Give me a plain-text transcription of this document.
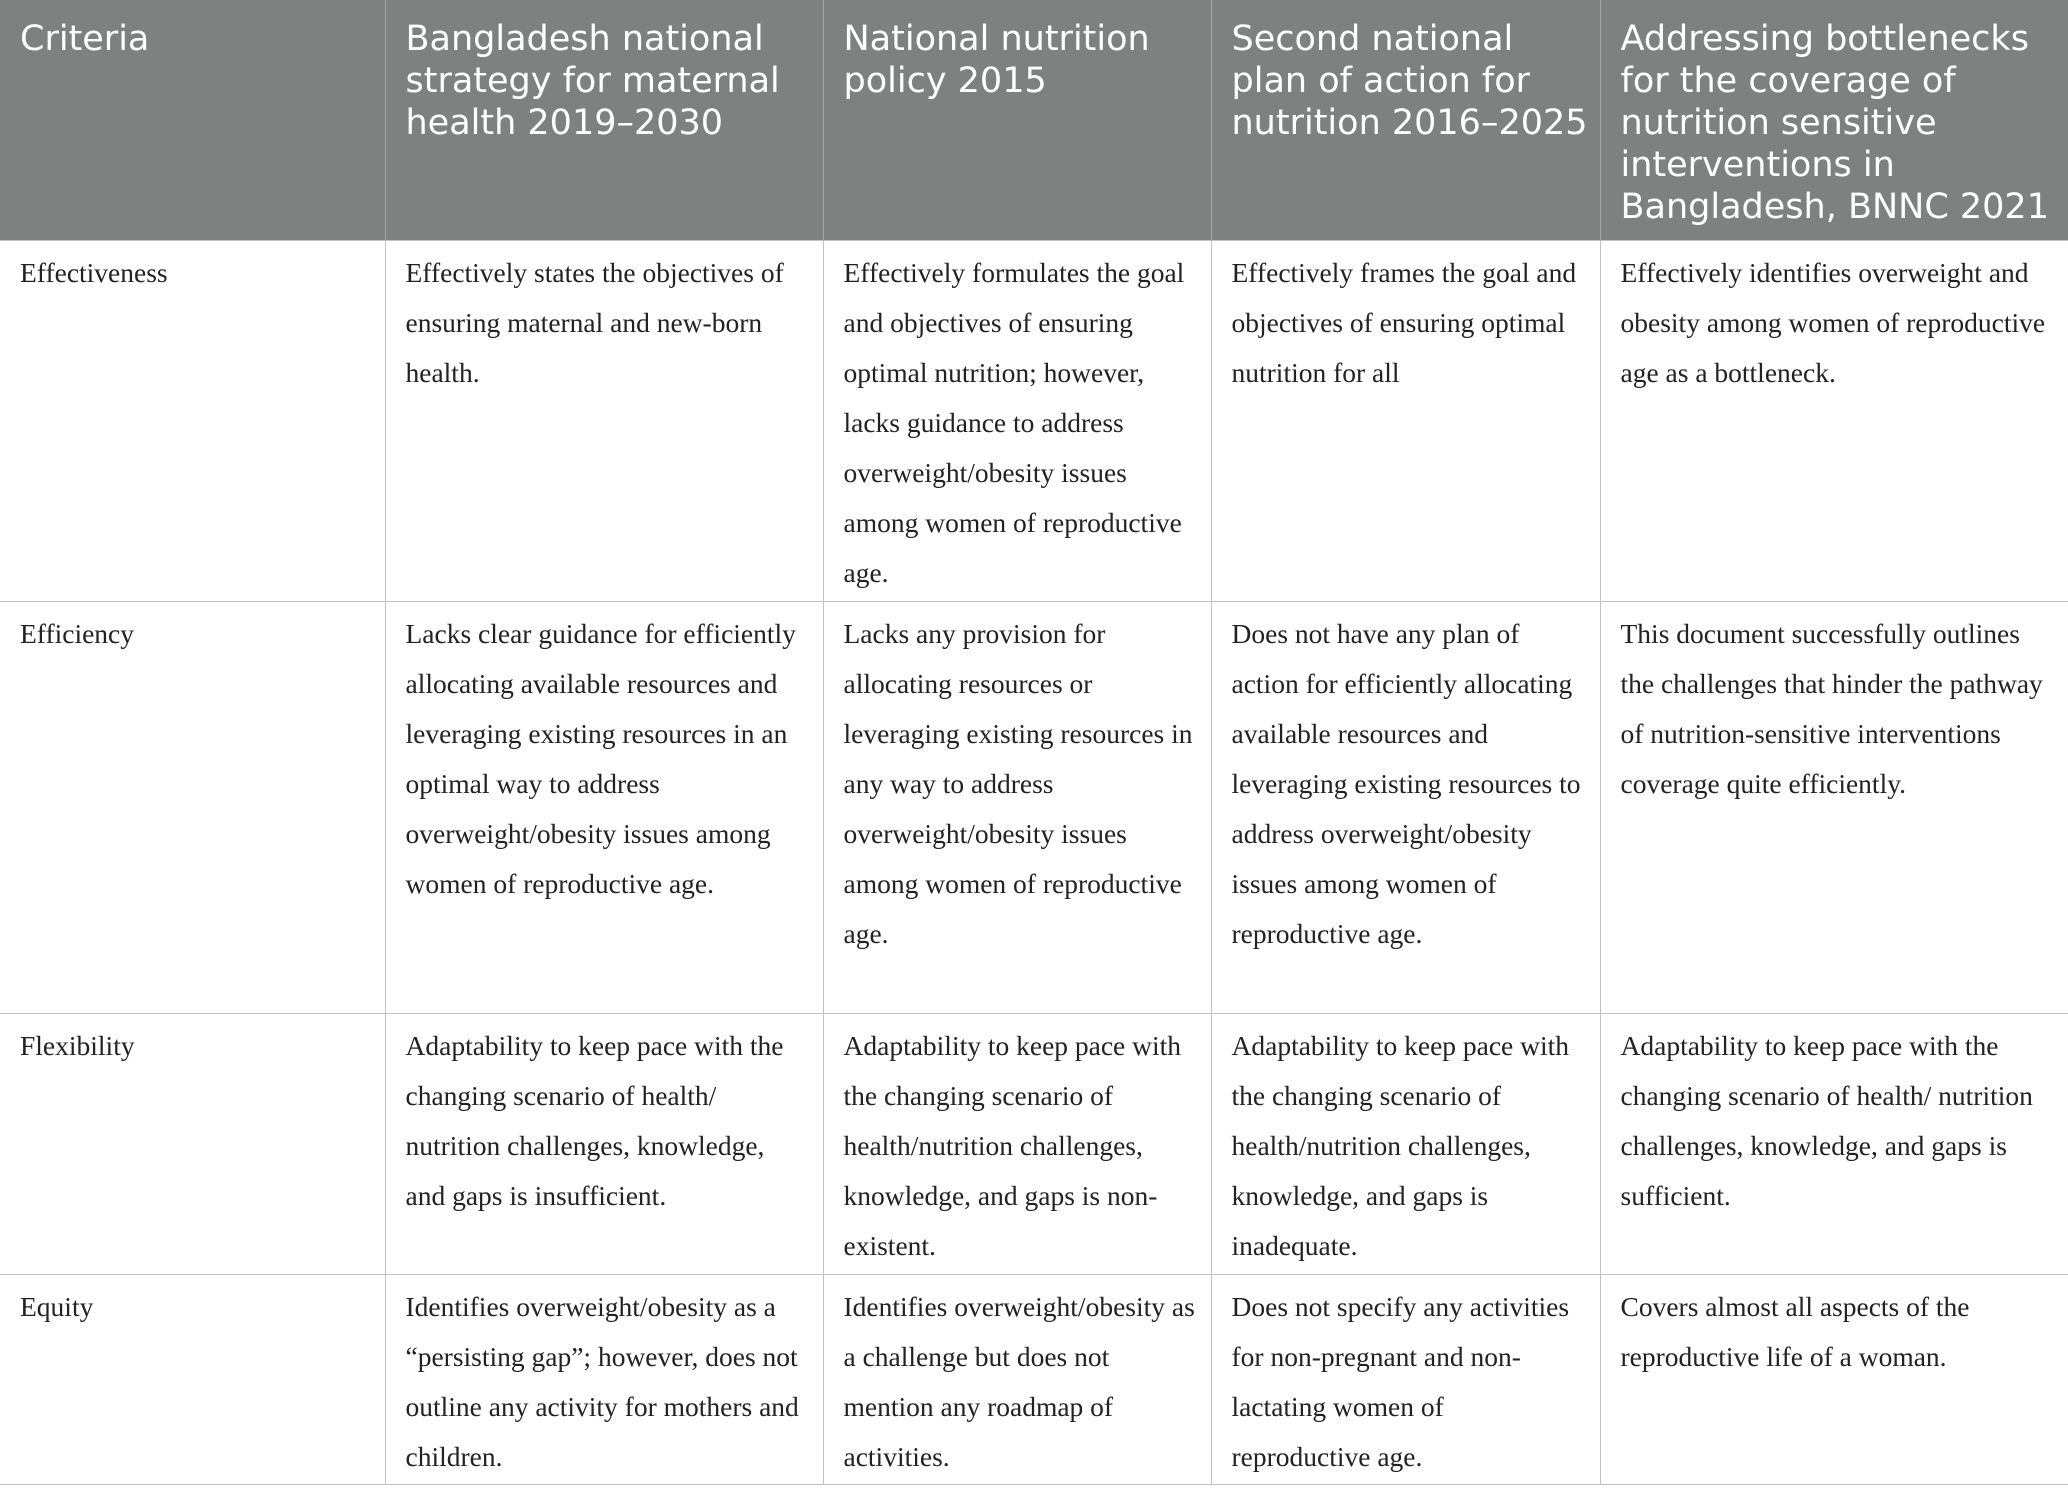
Criteria	Bangladesh national strategy for maternal health 2019–2030	National nutrition policy 2015	Second national plan of action for nutrition 2016–2025	Addressing bottlenecks for the coverage of nutrition sensitive interventions in Bangladesh, BNNC 2021
Effectiveness	Effectively states the objectives of ensuring maternal and new-born health.	Effectively formulates the goal and objectives of ensuring optimal nutrition; however, lacks guidance to address overweight/obesity issues among women of reproductive age.	Effectively frames the goal and objectives of ensuring optimal nutrition for all	Effectively identifies overweight and obesity among women of reproductive age as a bottleneck.
Efficiency	Lacks clear guidance for efficiently allocating available resources and leveraging existing resources in an optimal way to address overweight/obesity issues among women of reproductive age.	Lacks any provision for allocating resources or leveraging existing resources in any way to address overweight/obesity issues among women of reproductive age.	Does not have any plan of action for efficiently allocating available resources and leveraging existing resources to address overweight/obesity issues among women of reproductive age.	This document successfully outlines the challenges that hinder the pathway of nutrition-sensitive interventions coverage quite efficiently.
Flexibility	Adaptability to keep pace with the changing scenario of health/ nutrition challenges, knowledge, and gaps is insufficient.	Adaptability to keep pace with the changing scenario of health/nutrition challenges, knowledge, and gaps is non-existent.	Adaptability to keep pace with the changing scenario of health/nutrition challenges, knowledge, and gaps is inadequate.	Adaptability to keep pace with the changing scenario of health/ nutrition challenges, knowledge, and gaps is sufficient.
Equity	Identifies overweight/obesity as a “persisting gap”; however, does not outline any activity for mothers and children.	Identifies overweight/obesity as a challenge but does not mention any roadmap of activities.	Does not specify any activities for non-pregnant and non-lactating women of reproductive age.	Covers almost all aspects of the reproductive life of a woman.
